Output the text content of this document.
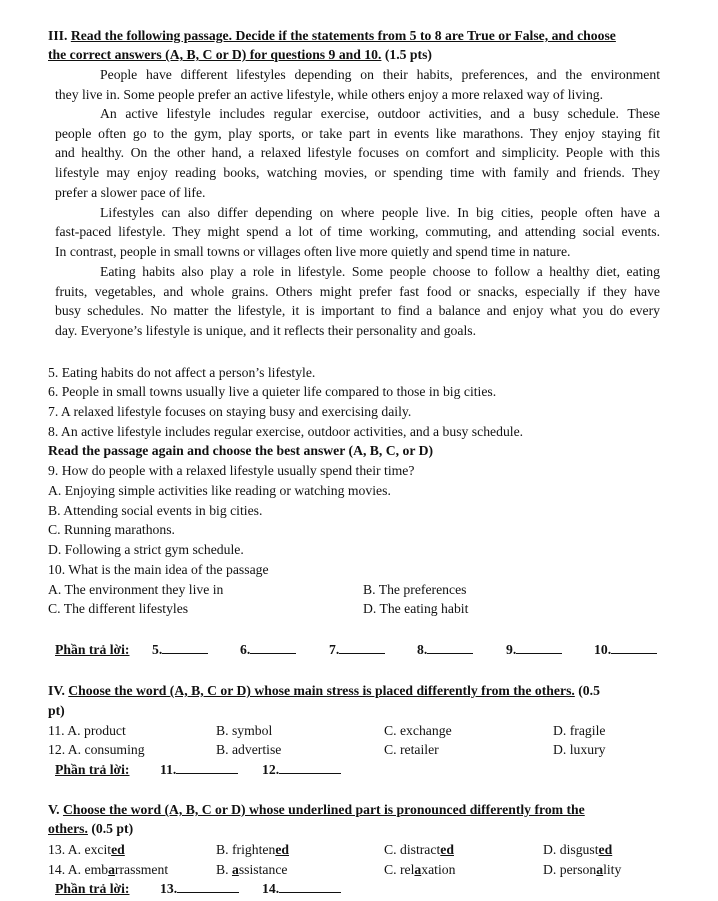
III. Read the following passage. Decide if the statements from 5 to 8 are True or False, and choose
the correct answers (A, B, C or D) for questions 9 and 10. (1.5 pts)
People have different lifestyles depending on their habits, preferences, and the environment
they live in. Some people prefer an active lifestyle, while others enjoy a more relaxed way of living.
An active lifestyle includes regular exercise, outdoor activities, and a busy schedule. These
people often go to the gym, play sports, or take part in events like marathons. They enjoy staying fit
and healthy. On the other hand, a relaxed lifestyle focuses on comfort and simplicity. People with this
lifestyle may enjoy reading books, watching movies, or spending time with family and friends. They
prefer a slower pace of life.
Lifestyles can also differ depending on where people live. In big cities, people often have a
fast-paced lifestyle. They might spend a lot of time working, commuting, and attending social events.
In contrast, people in small towns or villages often live more quietly and spend time in nature.
Eating habits also play a role in lifestyle. Some people choose to follow a healthy diet, eating
fruits, vegetables, and whole grains. Others might prefer fast food or snacks, especially if they have
busy schedules. No matter the lifestyle, it is important to find a balance and enjoy what you do every
day. Everyone’s lifestyle is unique, and it reflects their personality and goals.
5. Eating habits do not affect a person’s lifestyle.
6. People in small towns usually live a quieter life compared to those in big cities.
7. A relaxed lifestyle focuses on staying busy and exercising daily.
8. An active lifestyle includes regular exercise, outdoor activities, and a busy schedule.
Read the passage again and choose the best answer (A, B, C, or D)
9. How do people with a relaxed lifestyle usually spend their time?
A. Enjoying simple activities like reading or watching movies.
B. Attending social events in big cities.
C. Running marathons.
D. Following a strict gym schedule.
10. What is the main idea of the passage
A. The environment they live in	B. The preferences
C. The different lifestyles	D. The eating habit
Phần trả lời: 5.	6.	7.	8.	9.	10.
IV. Choose the word (A, B, C or D) whose main stress is placed differently from the others. (0.5
pt)
11. A. product	B. symbol	C. exchange	D. fragile
12. A. consuming	B. advertise	C. retailer	D. luxury
Phần trả lời: 11.	12.
V. Choose the word (A, B, C or D) whose underlined part is pronounced differently from the
others. (0.5 pt)
13. A. excited	B. frightened	C. distracted	D. disgusted
14. A. embarrassment	B. assistance	C. relaxation	D. personality
Phần trả lời: 13.	14.
